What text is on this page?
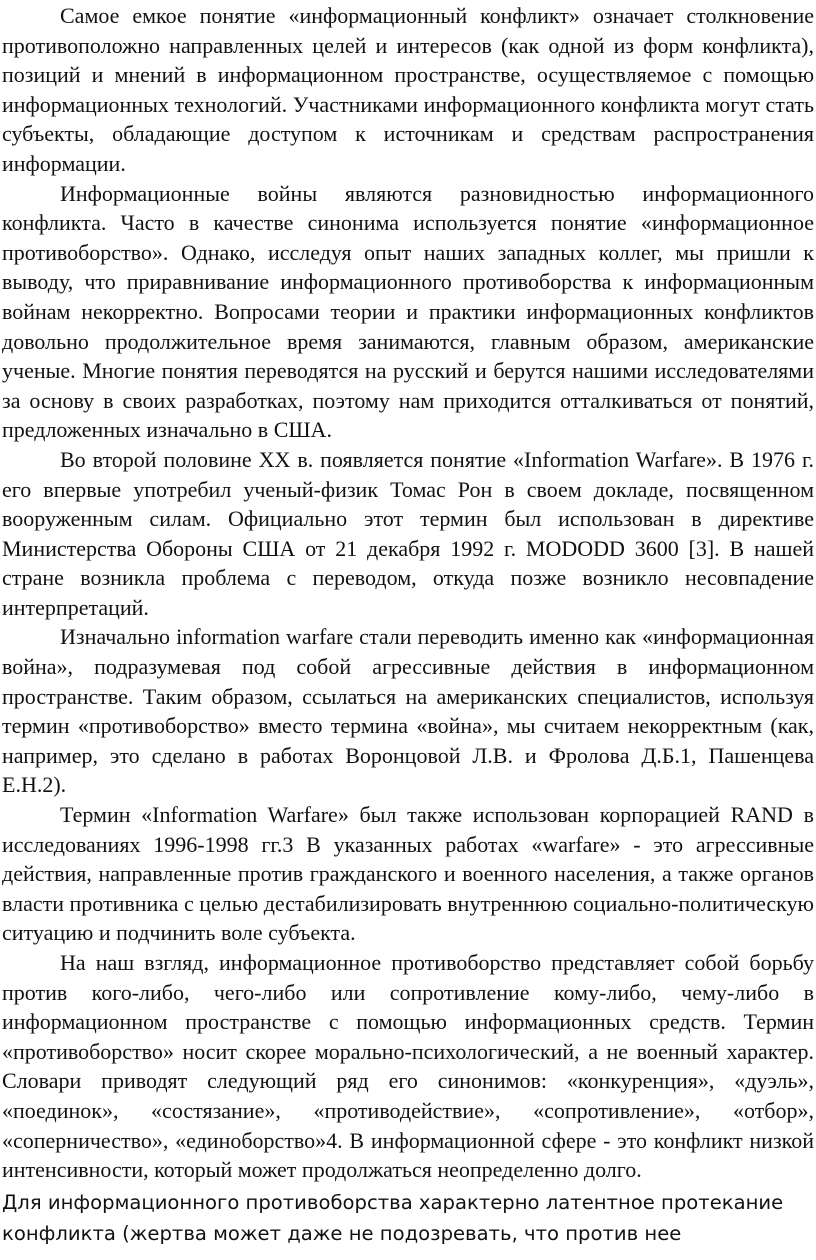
Самое емкое понятие «информационный конфликт» означает столкновение противоположно направленных целей и интересов (как одной из форм конфликта), позиций и мнений в информационном пространстве, осуществляемое с помощью информационных технологий. Участниками информационного конфликта могут стать субъекты, обладающие доступом к источникам и средствам распространения информации.

Информационные войны являются разновидностью информационного конфликта. Часто в качестве синонима используется понятие «информационное противоборство». Однако, исследуя опыт наших западных коллег, мы пришли к выводу, что приравнивание информационного противоборства к информационным войнам некорректно. Вопросами теории и практики информационных конфликтов довольно продолжительное время занимаются, главным образом, американские ученые. Многие понятия переводятся на русский и берутся нашими исследователями за основу в своих разработках, поэтому нам приходится отталкиваться от понятий, предложенных изначально в США.

Во второй половине XX в. появляется понятие «Information Warfare». В 1976 г. его впервые употребил ученый-физик Томас Рон в своем докладе, посвященном вооруженным силам. Официально этот термин был использован в директиве Министерства Обороны США от 21 декабря 1992 г. MODODD 3600 [3]. В нашей стране возникла проблема с переводом, откуда позже возникло несовпадение интерпретаций.

Изначально information warfare стали переводить именно как «информационная война», подразумевая под собой агрессивные действия в информационном пространстве. Таким образом, ссылаться на американских специалистов, используя термин «противоборство» вместо термина «война», мы считаем некорректным (как, например, это сделано в работах Воронцовой Л.В. и Фролова Д.Б.1, Пашенцева Е.Н.2).

Термин «Information Warfare» был также использован корпорацией RAND в исследованиях 1996-1998 гг.3 В указанных работах «warfare» - это агрессивные действия, направленные против гражданского и военного населения, а также органов власти противника с целью дестабилизировать внутреннюю социально-политическую ситуацию и подчинить воле субъекта.

На наш взгляд, информационное противоборство представляет собой борьбу против кого-либо, чего-либо или сопротивление кому-либо, чему-либо в информационном пространстве с помощью информационных средств. Термин «противоборство» носит скорее морально-психологический, а не военный характер. Словари приводят следующий ряд его синонимов: «конкуренция», «дуэль», «поединок», «состязание», «противодействие», «сопротивление», «отбор», «соперничество», «единоборство»4. В информационной сфере - это конфликт низкой интенсивности, который может продолжаться неопределенно долго.

Для информационного противоборства характерно латентное протекание конфликта (жертва может даже не подозревать, что против нее
